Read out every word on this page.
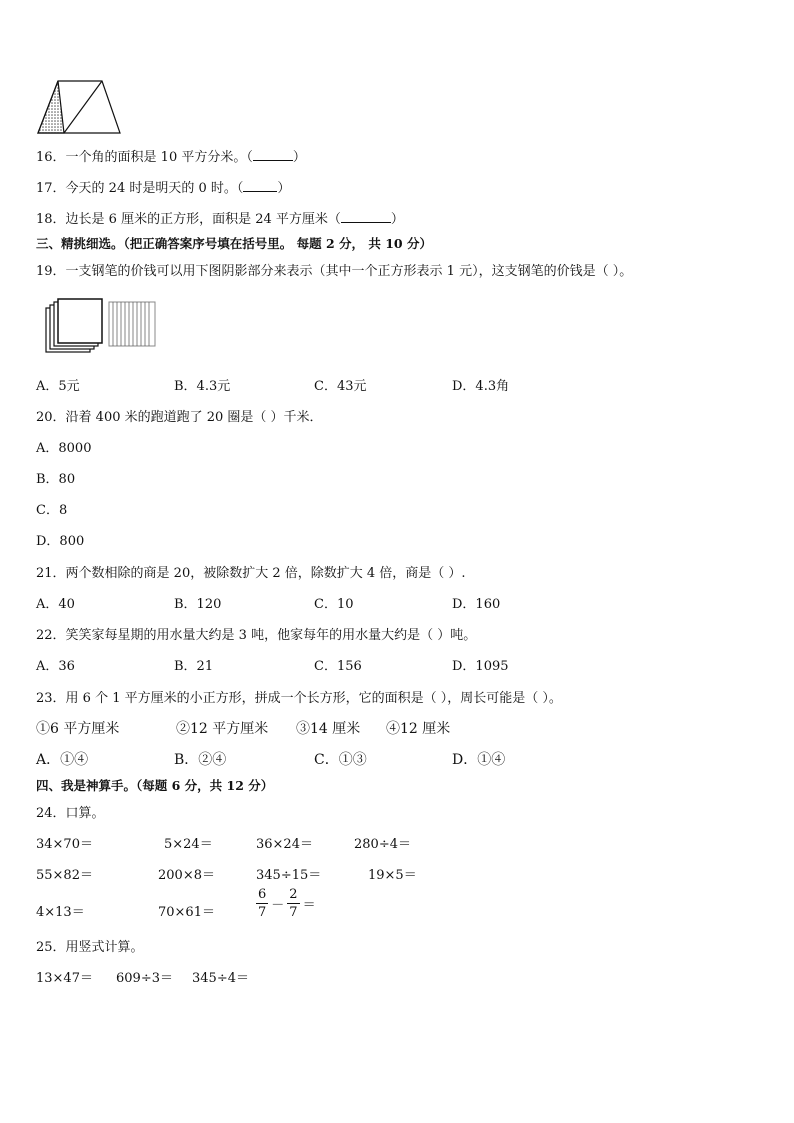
16．一个角的面积是 10 平方分米。（	）
17．今天的 24 时是明天的 0 时。（	）
18．边长是 6 厘米的正方形，面积是 24 平方厘米（	）
三、精挑细选。（把正确答案序号填在括号里。 每题 2 分， 共 10 分）
19．一支钢笔的价钱可以用下图阴影部分来表示（其中一个正方形表示 1 元），这支钢笔的价钱是（ ）。
A．5元	B．4.3元	C．43元	D．4.3角
20．沿着 400 米的跑道跑了 20 圈是（ ）千米．
A．8000
B．80
C．8
D．800
21．两个数相除的商是 20，被除数扩大 2 倍，除数扩大 4 倍，商是（ ）.
A．40	B．120	C．10	D．160
22．笑笑家每星期的用水量大约是 3 吨，他家每年的用水量大约是（ ）吨。
A．36	B．21	C．156	D．1095
23．用 6 个 1 平方厘米的小正方形，拼成一个长方形，它的面积是（ ），周长可能是（ ）。
①6 平方厘米	②12 平方厘米 ③14 厘米 ④12 厘米
A．①④	B．②④	C．①③	D．①④
四、我是神算手。（每题 6 分，共 12 分）
24．口算。
34×70＝	5×24＝	36×24＝	280÷4＝
55×82＝	200×8＝	345÷15＝	19×5＝
4×13＝	70×61＝	$\frac{6}{7} - \frac{2}{7}$ ＝
25．用竖式计算。
13×47＝ 609÷3＝ 345÷4＝
